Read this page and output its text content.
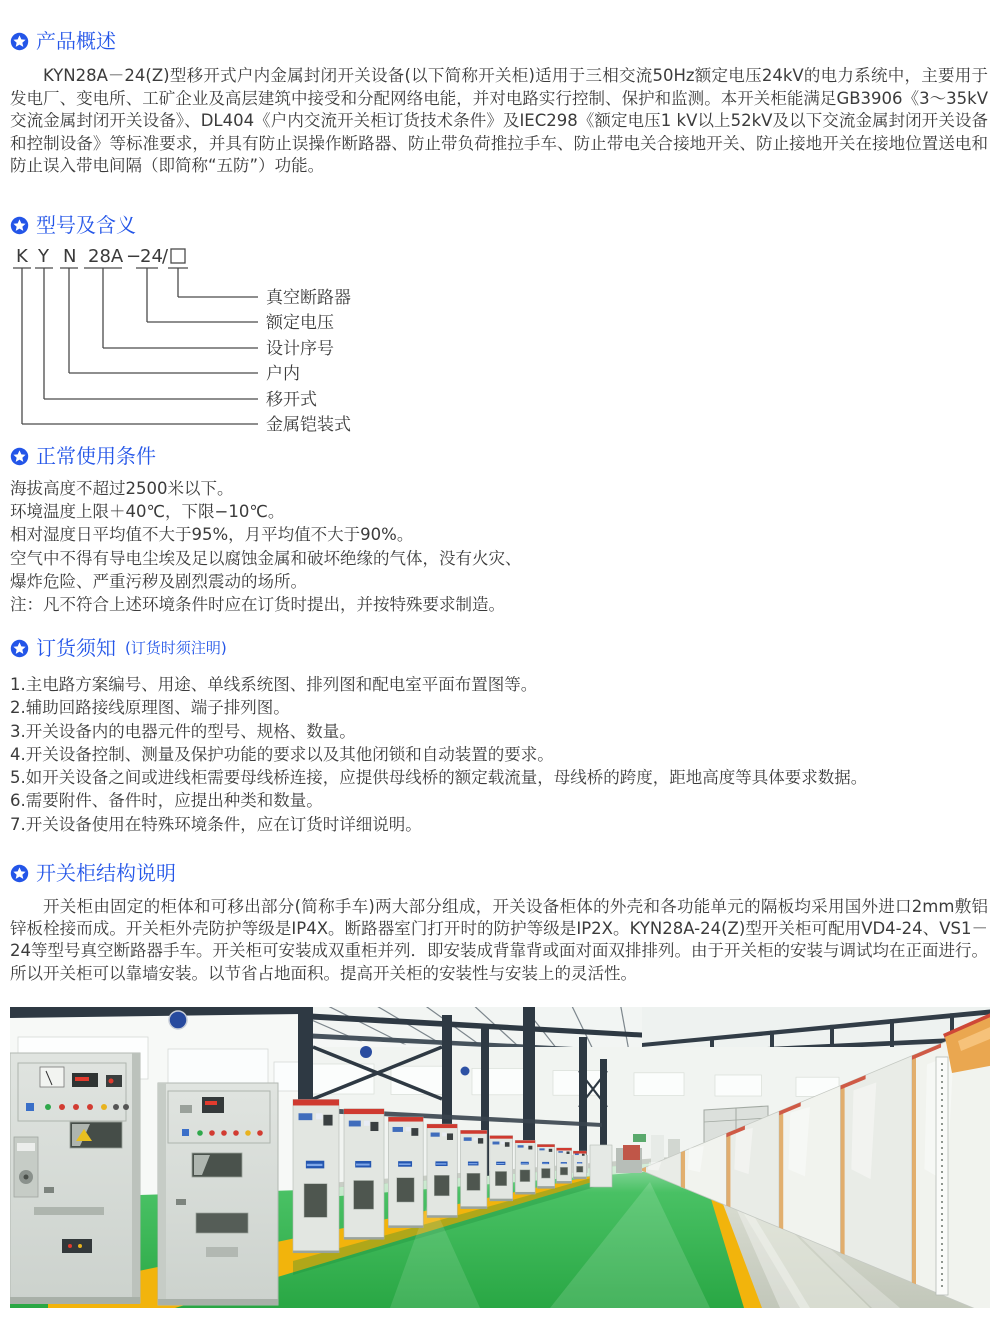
产品概述

KYN28A－24(Z)型移开式户内金属封闭开关设备(以下简称开关柜)适用于三相交流50Hz额定电压24kV的电力系统中，主要用于发电厂、变电所、工矿企业及高层建筑中接受和分配网络电能，并对电路实行控制、保护和监测。本开关柜能满足GB3906《3～35kV交流金属封闭开关设备》、DL404《户内交流开关柜订货技术条件》及IEC298《额定电压1 kV以上52kV及以下交流金属封闭开关设备和控制设备》等标准要求，并具有防止误操作断路器、防止带负荷推拉手车、防止带电关合接地开关、防止接地开关在接地位置送电和防止误入带电间隔（即简称“五防”）功能。

型号及含义
K Y N 28A −
24 /
真空断路器
额定电压
设计序号
户内
移开式
金属铠装式
正常使用条件
海拔高度不超过2500米以下。
环境温度上限＋40℃，下限−10℃。
相对湿度日平均值不大于95%，月平均值不大于90%。
空气中不得有导电尘埃及足以腐蚀金属和破坏绝缘的气体，没有火灾、
爆炸危险、严重污秽及剧烈震动的场所。
注：凡不符合上述环境条件时应在订货时提出，并按特殊要求制造。
订货须知 (订货时须注明)
1.主电路方案编号、用途、单线系统图、排列图和配电室平面布置图等。
2.辅助回路接线原理图、端子排列图。
3.开关设备内的电器元件的型号、规格、数量。
4.开关设备控制、测量及保护功能的要求以及其他闭锁和自动装置的要求。
5.如开关设备之间或进线柜需要母线桥连接，应提供母线桥的额定载流量，母线桥的跨度，距地高度等具体要求数据。
6.需要附件、备件时，应提出种类和数量。
7.开关设备使用在特殊环境条件，应在订货时详细说明。
开关柜结构说明

开关柜由固定的柜体和可移出部分(简称手车)两大部分组成，开关设备柜体的外壳和各功能单元的隔板均采用国外进口2mm敷铝锌板栓接而成。开关柜外壳防护等级是IP4X。断路器室门打开时的防护等级是IP2X。KYN28A-24(Z)型开关柜可配用VD4-24、VS1－24等型号真空断路器手车。开关柜可安装成双重柜并列．即安装成背靠背或面对面双排排列。由于开关柜的安装与调试均在正面进行。所以开关柜可以靠墙安装。以节省占地面积。提高开关柜的安装性与安装上的灵活性。
